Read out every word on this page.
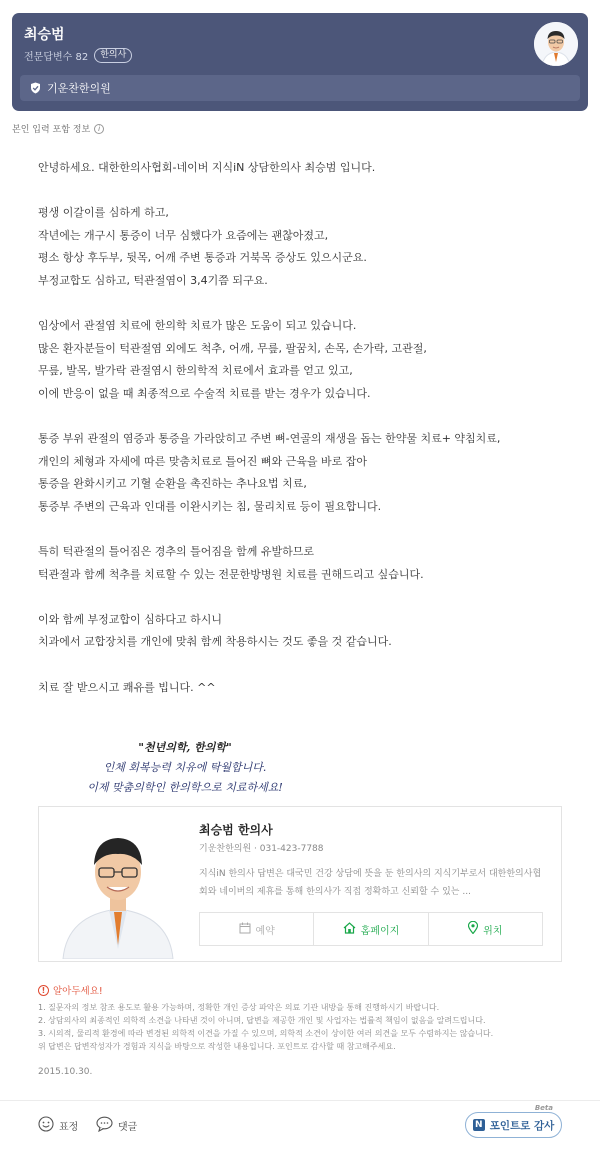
최승범
전문답변수 82	한의사
기운찬한의원
본인 입력 포함 정보	i

안녕하세요. 대한한의사협회-네이버 지식iN 상담한의사 최승범 입니다.

평생 이갈이를 심하게 하고,
작년에는 개구시 통증이 너무 심했다가 요즘에는 괜찮아졌고,
평소 항상 후두부, 뒷목, 어깨 주변 통증과 거북목 증상도 있으시군요.
부정교합도 심하고, 턱관절염이 3,4기쯤 되구요.

임상에서 관절염 치료에 한의학 치료가 많은 도움이 되고 있습니다.
많은 환자분들이 턱관절염 외에도 척추, 어깨, 무릎, 팔꿈치, 손목, 손가락, 고관절,
무릎, 발목, 발가락 관절염시 한의학적 치료에서 효과를 얻고 있고,
이에 반응이 없을 때 최종적으로 수술적 치료를 받는 경우가 있습니다.

통증 부위 관절의 염증과 통증을 가라앉히고 주변 뼈-연골의 재생을 돕는 한약물 치료+ 약침치료,
개인의 체형과 자세에 따른 맞춤치료로 틀어진 뼈와 근육을 바로 잡아
통증을 완화시키고 기혈 순환을 촉진하는 추나요법 치료,
통증부 주변의 근육과 인대를 이완시키는 침, 물리치료 등이 필요합니다.

특히 턱관절의 틀어짐은 경추의 틀어짐을 함께 유발하므로
턱관절과 함께 척추를 치료할 수 있는 전문한방병원 치료를 권해드리고 싶습니다.

이와 함께 부정교합이 심하다고 하시니
치과에서 교합장치를 개인에 맞춰 함께 착용하시는 것도 좋을 것 같습니다.

치료 잘 받으시고 쾌유를 빕니다. ^^

"천년의학, 한의학"
인체 회복능력 치유에 탁월합니다.
이제 맞춤의학인 한의학으로 치료하세요!
최승범 한의사
기운찬한의원 · 031-423-7788
지식iN 한의사 답변은 대국민 건강 상담에 뜻을 둔 한의사의 지식기부로서 대한한의사협회와 네이버의 제휴를 통해 한의사가 직접 정확하고 신뢰할 수 있는 ...
예약	홈페이지	위치
! 알아두세요!
1. 질문자의 정보 참조 용도로 활용 가능하며, 정확한 개인 증상 파악은 의료 기관 내방을 통해 진행하시기 바랍니다.
2. 상담의사의 최종적인 의학적 소견을 나타낸 것이 아니며, 답변을 제공한 개인 및 사업자는 법률적 책임이 없음을 알려드립니다.
3. 시의적, 물리적 환경에 따라 변경된 의학적 이견을 가질 수 있으며, 의학적 소견이 상이한 여러 의견을 모두 수렴하지는 않습니다.
위 답변은 답변작성자가 경험과 지식을 바탕으로 작성한 내용입니다. 포인트로 감사할 때 참고해주세요.
2015.10.30.
표정	댓글
Beta
N 포인트로 감사
